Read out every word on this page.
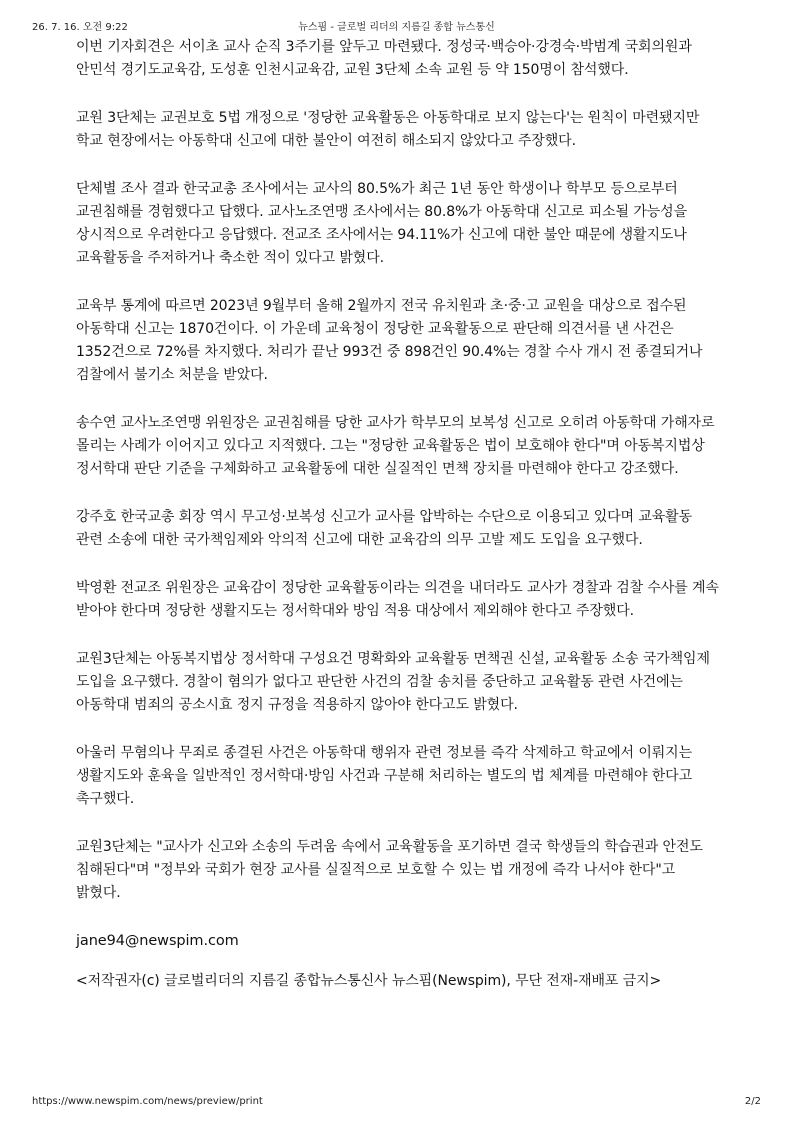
26. 7. 16. 오전 9:22	뉴스핌 - 글로벌 리더의 지름길 종합 뉴스통신

이번 기자회견은 서이초 교사 순직 3주기를 앞두고 마련됐다. 정성국·백승아·강경숙·박범계 국회의원과 안민석 경기도교육감, 도성훈 인천시교육감, 교원 3단체 소속 교원 등 약 150명이 참석했다.

교원 3단체는 교권보호 5법 개정으로 '정당한 교육활동은 아동학대로 보지 않는다'는 원칙이 마련됐지만 학교 현장에서는 아동학대 신고에 대한 불안이 여전히 해소되지 않았다고 주장했다.

단체별 조사 결과 한국교총 조사에서는 교사의 80.5%가 최근 1년 동안 학생이나 학부모 등으로부터 교권침해를 경험했다고 답했다. 교사노조연맹 조사에서는 80.8%가 아동학대 신고로 피소될 가능성을 상시적으로 우려한다고 응답했다. 전교조 조사에서는 94.11%가 신고에 대한 불안 때문에 생활지도나 교육활동을 주저하거나 축소한 적이 있다고 밝혔다.

교육부 통계에 따르면 2023년 9월부터 올해 2월까지 전국 유치원과 초·중·고 교원을 대상으로 접수된 아동학대 신고는 1870건이다. 이 가운데 교육청이 정당한 교육활동으로 판단해 의견서를 낸 사건은 1352건으로 72%를 차지했다. 처리가 끝난 993건 중 898건인 90.4%는 경찰 수사 개시 전 종결되거나 검찰에서 불기소 처분을 받았다.

송수연 교사노조연맹 위원장은 교권침해를 당한 교사가 학부모의 보복성 신고로 오히려 아동학대 가해자로 몰리는 사례가 이어지고 있다고 지적했다. 그는 "정당한 교육활동은 법이 보호해야 한다"며 아동복지법상 정서학대 판단 기준을 구체화하고 교육활동에 대한 실질적인 면책 장치를 마련해야 한다고 강조했다.

강주호 한국교총 회장 역시 무고성·보복성 신고가 교사를 압박하는 수단으로 이용되고 있다며 교육활동 관련 소송에 대한 국가책임제와 악의적 신고에 대한 교육감의 의무 고발 제도 도입을 요구했다.

박영환 전교조 위원장은 교육감이 정당한 교육활동이라는 의견을 내더라도 교사가 경찰과 검찰 수사를 계속 받아야 한다며 정당한 생활지도는 정서학대와 방임 적용 대상에서 제외해야 한다고 주장했다.

교원3단체는 아동복지법상 정서학대 구성요건 명확화와 교육활동 면책권 신설, 교육활동 소송 국가책임제 도입을 요구했다. 경찰이 혐의가 없다고 판단한 사건의 검찰 송치를 중단하고 교육활동 관련 사건에는 아동학대 범죄의 공소시효 정지 규정을 적용하지 않아야 한다고도 밝혔다.

아울러 무혐의나 무죄로 종결된 사건은 아동학대 행위자 관련 정보를 즉각 삭제하고 학교에서 이뤄지는 생활지도와 훈육을 일반적인 정서학대·방임 사건과 구분해 처리하는 별도의 법 체계를 마련해야 한다고 촉구했다.

교원3단체는 "교사가 신고와 소송의 두려움 속에서 교육활동을 포기하면 결국 학생들의 학습권과 안전도 침해된다"며 "정부와 국회가 현장 교사를 실질적으로 보호할 수 있는 법 개정에 즉각 나서야 한다"고 밝혔다.

jane94@newspim.com

<저작권자(c) 글로벌리더의 지름길 종합뉴스통신사 뉴스핌(Newspim), 무단 전재-재배포 금지>

https://www.newspim.com/news/preview/print	2/2
